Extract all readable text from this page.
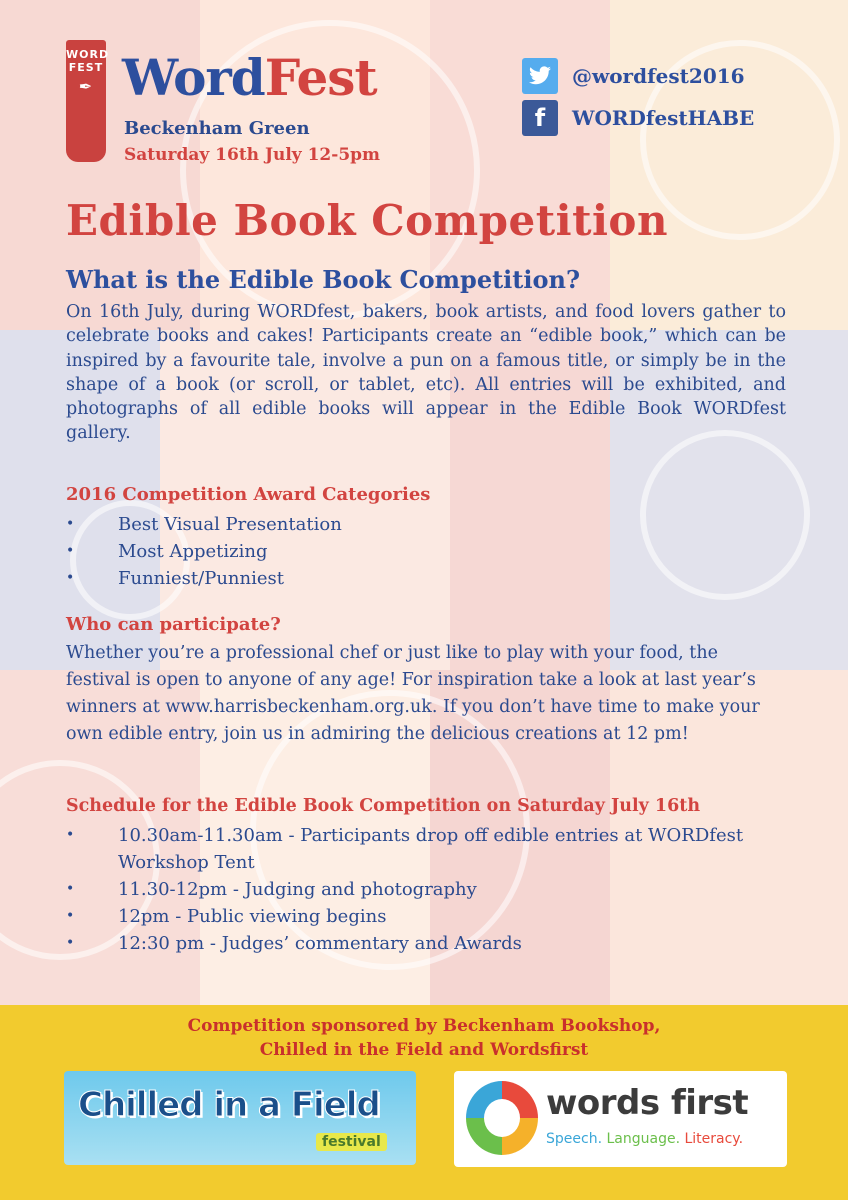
WORD
FEST
✒ WordFest
Beckenham Green
Saturday 16th July 12-5pm
@wordfest2016
f	WORDfestHABE
Edible Book Competition
What is the Edible Book Competition?
On 16th July, during WORDfest, bakers, book artists, and food lovers gather to celebrate books and cakes! Participants create an “edible book,” which can be inspired by a favourite tale, involve a pun on a famous title, or simply be in the shape of a book (or scroll, or tablet, etc). All entries will be exhibited, and photographs of all edible books will appear in the Edible Book WORDfest gallery.
2016 Competition Award Categories
• Best Visual Presentation
• Most Appetizing
• Funniest/Punniest
Who can participate?
Whether you’re a professional chef or just like to play with your food, the festival is open to anyone of any age! For inspiration take a look at last year’s winners at www.harrisbeckenham.org.uk. If you don’t have time to make your own edible entry, join us in admiring the delicious creations at 12 pm!
Schedule for the Edible Book Competition on Saturday July 16th
• 10.30am-11.30am - Participants drop off edible entries at WORDfest Workshop Tent
• 11.30-12pm - Judging and photography
• 12pm - Public viewing begins
• 12:30 pm - Judges’ commentary and Awards
Competition sponsored by Beckenham Bookshop,
Chilled in the Field and Wordsfirst
Chilled in a Field
festival
words first
Speech. Language. Literacy.
